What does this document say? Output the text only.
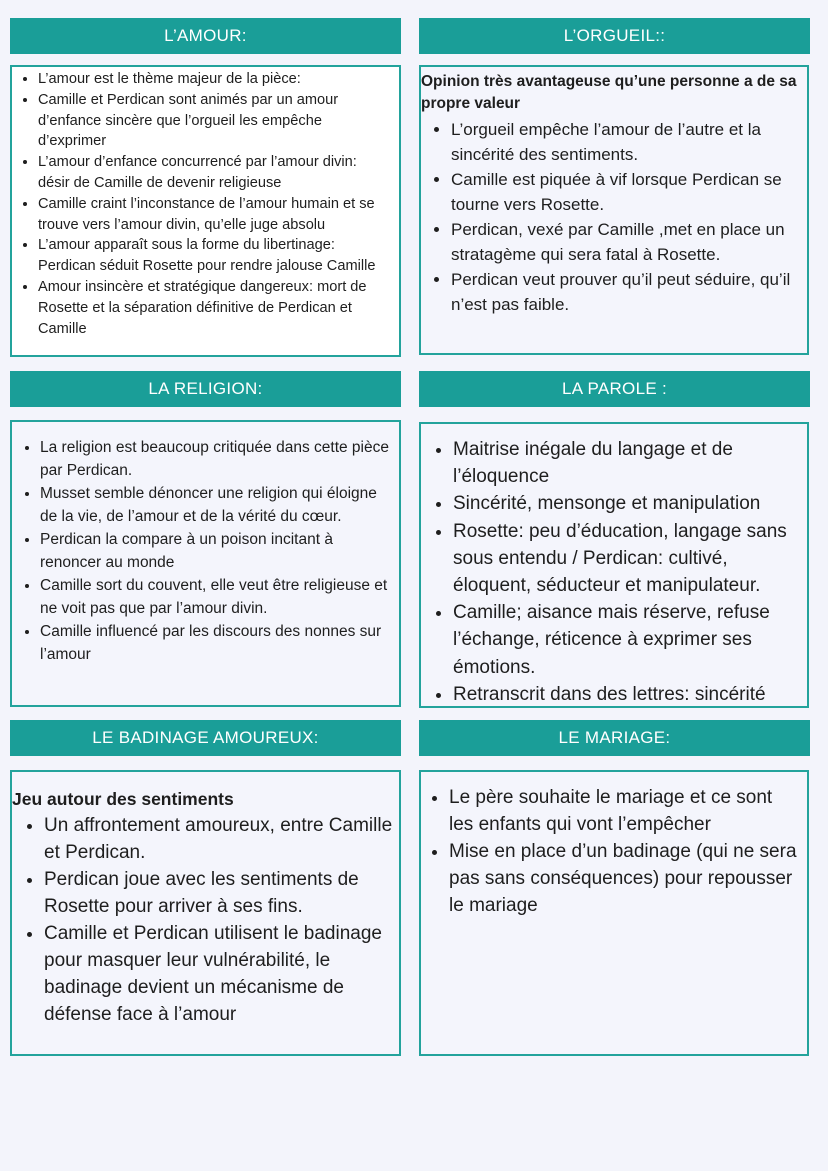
L’AMOUR:	L’ORGUEIL::
LA RELIGION:	LA PAROLE :
LE BADINAGE AMOUREUX:	LE MARIAGE:
• L’amour est le thème majeur de la pièce:
• Camille et Perdican sont animés par un amour d’enfance sincère que l’orgueil les empêche d’exprimer
• L’amour d’enfance concurrencé par l’amour divin: désir de Camille de devenir religieuse
• Camille craint l’inconstance de l’amour humain et se trouve vers l’amour divin, qu’elle juge absolu
• L’amour apparaît sous la forme du libertinage: Perdican séduit Rosette pour rendre jalouse Camille
• Amour insincère et stratégique dangereux: mort de Rosette et la séparation définitive de Perdican et Camille

Opinion très avantageuse qu’une personne a de sa propre valeur

• L’orgueil empêche l’amour de l’autre et la sincérité des sentiments.
• Camille est piquée à vif lorsque Perdican se tourne vers Rosette.
• Perdican, vexé par Camille ,met en place un stratagème qui sera fatal à Rosette.
• Perdican veut prouver qu’il peut séduire, qu’il n’est pas faible.
• La religion est beaucoup critiquée dans cette pièce par Perdican.
• Musset semble dénoncer une religion qui éloigne de la vie, de l’amour et de la vérité du cœur.
• Perdican la compare à un poison incitant à renoncer au monde
• Camille sort du couvent, elle veut être religieuse et ne voit pas que par l’amour divin.
• Camille influencé par les discours des nonnes sur l’amour
• Maitrise inégale du langage et de l’éloquence
• Sincérité, mensonge et manipulation
• Rosette: peu d’éducation, langage sans sous entendu / Perdican: cultivé, éloquent, séducteur et manipulateur.
• Camille; aisance mais réserve, refuse l’échange, réticence à exprimer ses émotions.
• Retranscrit dans des lettres: sincérité

Jeu autour des sentiments

• Un affrontement amoureux, entre Camille et Perdican.
• Perdican joue avec les sentiments de Rosette pour arriver à ses fins.
• Camille et Perdican utilisent le badinage pour masquer leur vulnérabilité, le badinage devient un mécanisme de défense face à l’amour
• Le père souhaite le mariage et ce sont les enfants qui vont l’empêcher
• Mise en place d’un badinage (qui ne sera pas sans conséquences) pour repousser le mariage
